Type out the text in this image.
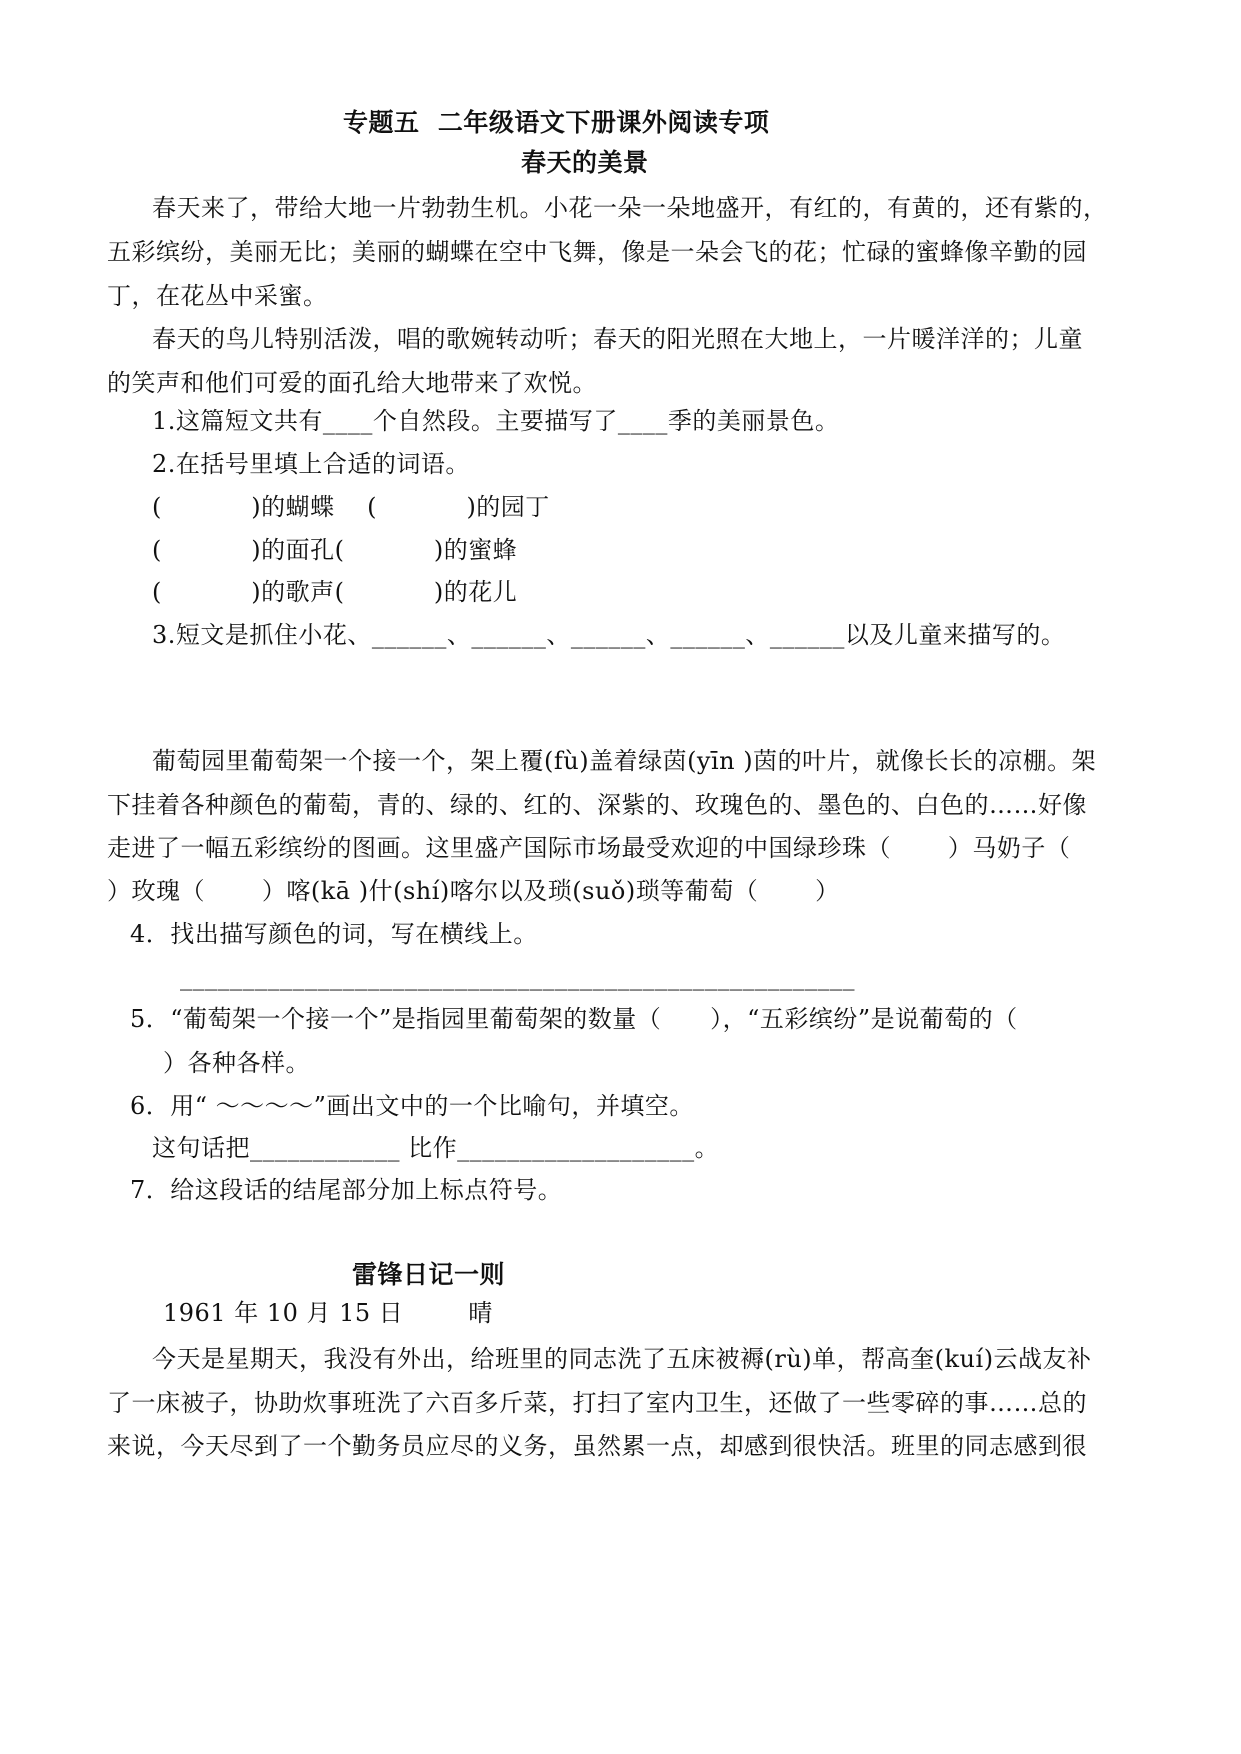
专题五  二年级语文下册课外阅读专项
春天的美景
春天来了，带给大地一片勃勃生机。小花一朵一朵地盛开，有红的，有黄的，还有紫的，
五彩缤纷，美丽无比；美丽的蝴蝶在空中飞舞，像是一朵会飞的花；忙碌的蜜蜂像辛勤的园
丁，在花丛中采蜜。
春天的鸟儿特别活泼，唱的歌婉转动听；春天的阳光照在大地上，一片暖洋洋的；儿童
的笑声和他们可爱的面孔给大地带来了欢悦。
1.这篇短文共有____个自然段。主要描写了____季的美丽景色。
2.在括号里填上合适的词语。
(           )的蝴蝶    (           )的园丁
(           )的面孔(           )的蜜蜂
(           )的歌声(           )的花儿
3.短文是抓住小花、______、______、______、______、______以及儿童来描写的。
葡萄园里葡萄架一个接一个，架上覆(fù)盖着绿茵(yīn )茵的叶片，就像长长的凉棚。架
下挂着各种颜色的葡萄，青的、绿的、红的、深紫的、玫瑰色的、墨色的、白色的……好像
走进了一幅五彩缤纷的图画。这里盛产国际市场最受欢迎的中国绿珍珠（       ）马奶子（
）玫瑰（       ）喀(kā )什(shí)喀尔以及琐(suǒ)琐等葡萄（       ）
4．找出描写颜色的词，写在横线上。
______________________________________________________
5．“葡萄架一个接一个”是指园里葡萄架的数量（      ），“五彩缤纷”是说葡萄的（
）各种各样。
6．用“ ～～～～”画出文中的一个比喻句，并填空。
这句话把____________ 比作___________________。
7．给这段话的结尾部分加上标点符号。
雷锋日记一则
1961 年 10 月 15 日        晴
今天是星期天，我没有外出，给班里的同志洗了五床被褥(rù)单，帮高奎(kuí)云战友补
了一床被子，协助炊事班洗了六百多斤菜，打扫了室内卫生，还做了一些零碎的事……总的
来说，今天尽到了一个勤务员应尽的义务，虽然累一点，却感到很快活。班里的同志感到很
